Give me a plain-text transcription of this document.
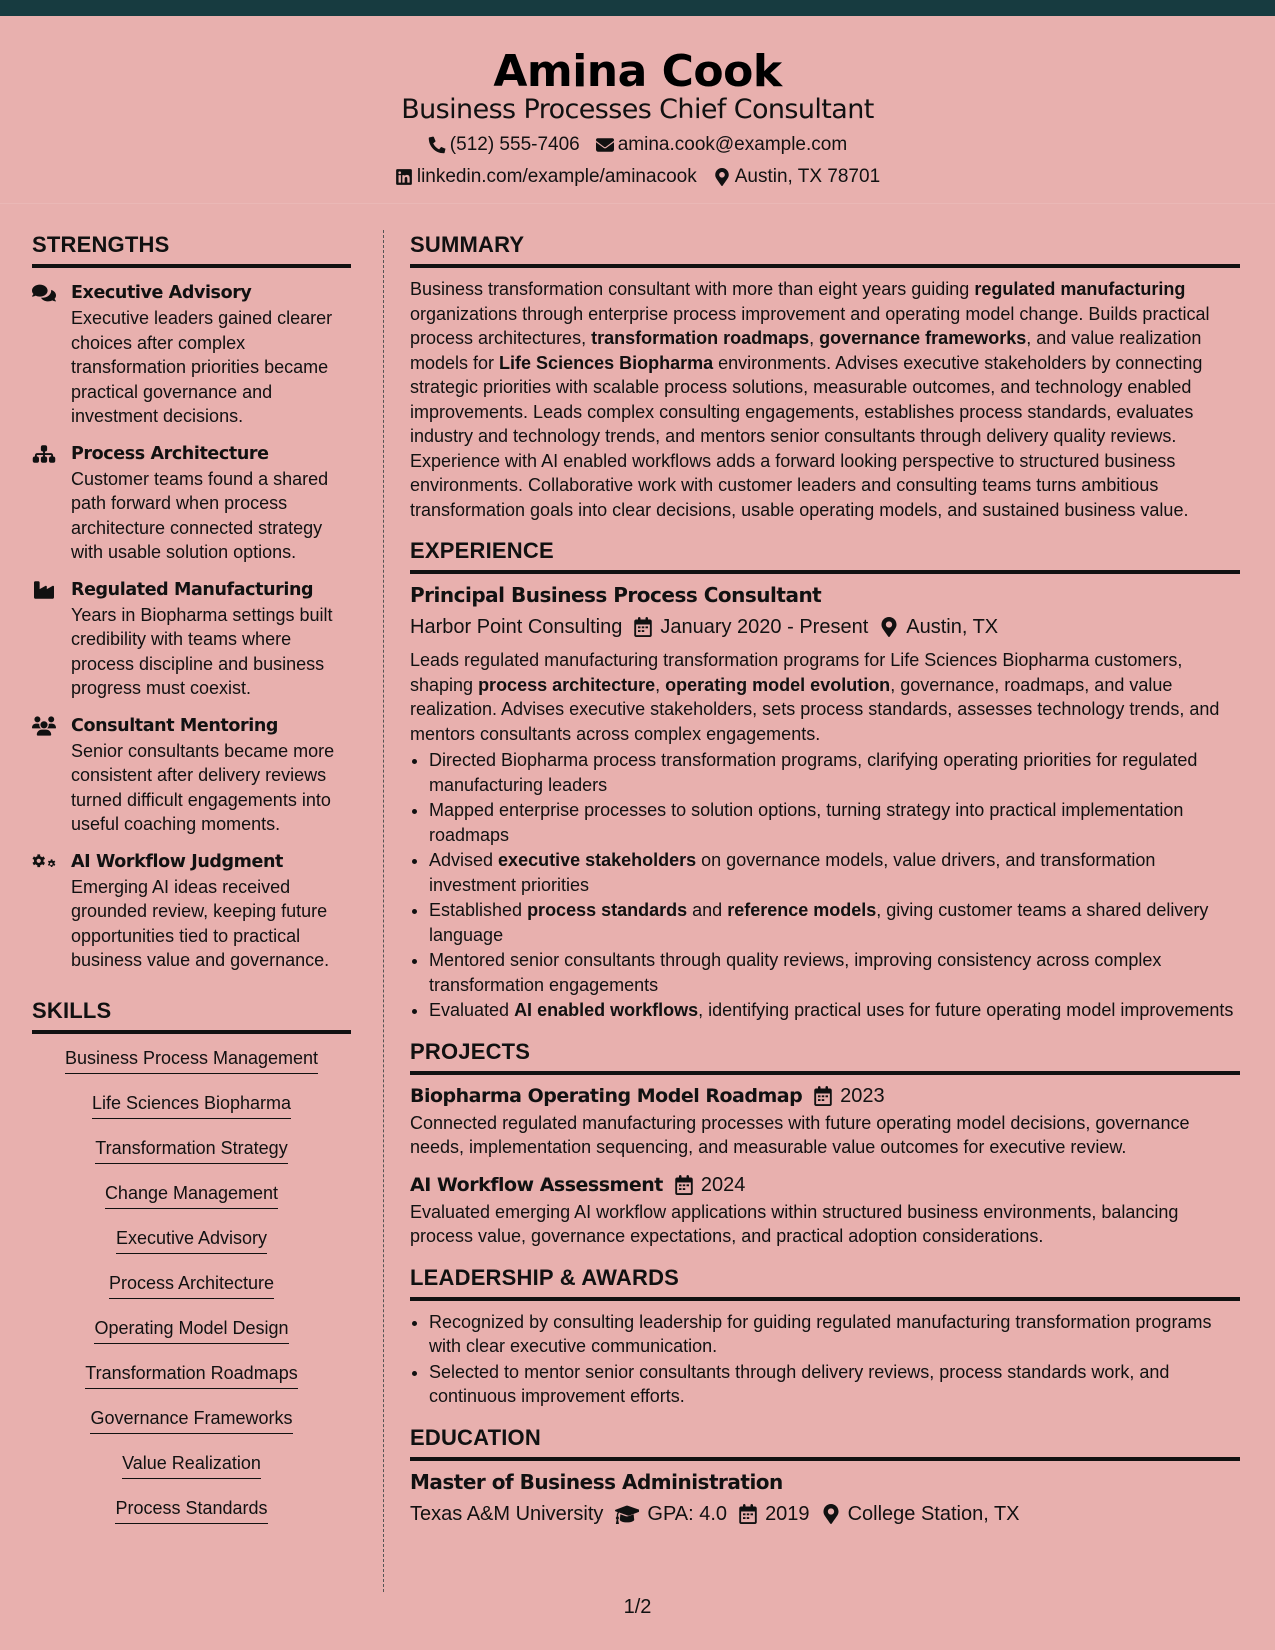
Amina Cook
Business Processes Chief Consultant
(512) 555-7406 amina.cook@example.com
linkedin.com/example/aminacook Austin, TX 78701
STRENGTHS
Executive Advisory
Executive leaders gained clearer choices after complex transformation priorities became practical governance and investment decisions.
Process Architecture
Customer teams found a shared path forward when process architecture connected strategy with usable solution options.
Regulated Manufacturing
Years in Biopharma settings built credibility with teams where process discipline and business progress must coexist.
Consultant Mentoring
Senior consultants became more consistent after delivery reviews turned difficult engagements into useful coaching moments.
AI Workflow Judgment
Emerging AI ideas received grounded review, keeping future opportunities tied to practical business value and governance.
SKILLS
Business Process Management
Life Sciences Biopharma
Transformation Strategy
Change Management
Executive Advisory
Process Architecture
Operating Model Design
Transformation Roadmaps
Governance Frameworks
Value Realization
Process Standards
SUMMARY
Business transformation consultant with more than eight years guiding regulated manufacturing organizations through enterprise process improvement and operating model change. Builds practical process architectures, transformation roadmaps, governance frameworks, and value realization models for Life Sciences Biopharma environments. Advises executive stakeholders by connecting strategic priorities with scalable process solutions, measurable outcomes, and technology enabled improvements. Leads complex consulting engagements, establishes process standards, evaluates industry and technology trends, and mentors senior consultants through delivery quality reviews. Experience with AI enabled workflows adds a forward looking perspective to structured business environments. Collaborative work with customer leaders and consulting teams turns ambitious transformation goals into clear decisions, usable operating models, and sustained business value.
EXPERIENCE
Principal Business Process Consultant
Harbor Point Consulting January 2020 - Present Austin, TX
Leads regulated manufacturing transformation programs for Life Sciences Biopharma customers, shaping process architecture, operating model evolution, governance, roadmaps, and value realization. Advises executive stakeholders, sets process standards, assesses technology trends, and mentors consultants across complex engagements.
• Directed Biopharma process transformation programs, clarifying operating priorities for regulated manufacturing leaders
• Mapped enterprise processes to solution options, turning strategy into practical implementation roadmaps
• Advised executive stakeholders on governance models, value drivers, and transformation investment priorities
• Established process standards and reference models, giving customer teams a shared delivery language
• Mentored senior consultants through quality reviews, improving consistency across complex transformation engagements
• Evaluated AI enabled workflows, identifying practical uses for future operating model improvements
PROJECTS
Biopharma Operating Model Roadmap 2023
Connected regulated manufacturing processes with future operating model decisions, governance needs, implementation sequencing, and measurable value outcomes for executive review.
AI Workflow Assessment 2024
Evaluated emerging AI workflow applications within structured business environments, balancing process value, governance expectations, and practical adoption considerations.
LEADERSHIP & AWARDS
• Recognized by consulting leadership for guiding regulated manufacturing transformation programs with clear executive communication.
• Selected to mentor senior consultants through delivery reviews, process standards work, and continuous improvement efforts.
EDUCATION
Master of Business Administration
Texas A&M University GPA: 4.0 2019 College Station, TX
1/2
